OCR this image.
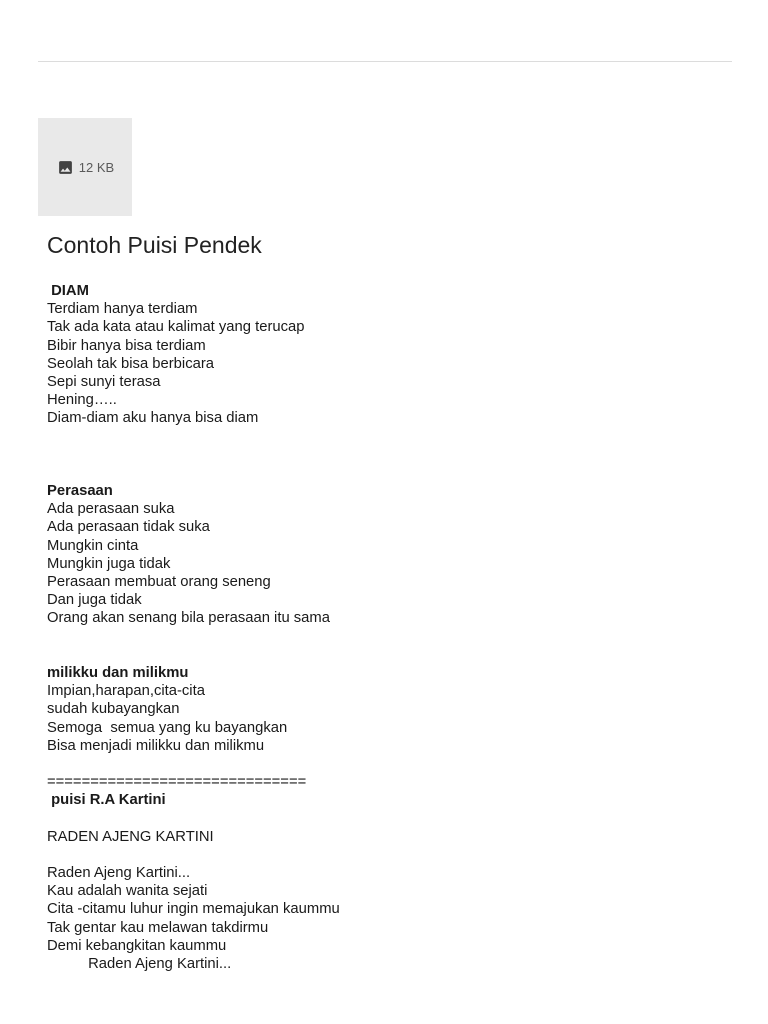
12 KB
Contoh Puisi Pendek
DIAM
Terdiam hanya terdiam
Tak ada kata atau kalimat yang terucap
Bibir hanya bisa terdiam
Seolah tak bisa berbicara
Sepi sunyi terasa
Hening…..
Diam-diam aku hanya bisa diam
Perasaan
Ada perasaan suka
Ada perasaan tidak suka
Mungkin cinta
Mungkin juga tidak
Perasaan membuat orang seneng
Dan juga tidak
Orang akan senang bila perasaan itu sama
milikku dan milikmu
Impian,harapan,cita-cita
sudah kubayangkan
Semoga  semua yang ku bayangkan
Bisa menjadi milikku dan milikmu
==============================
puisi R.A Kartini
RADEN AJENG KARTINI
Raden Ajeng Kartini...
Kau adalah wanita sejati
Cita -citamu luhur ingin memajukan kaummu
Tak gentar kau melawan takdirmu
Demi kebangkitan kaummu
Raden Ajeng Kartini...
